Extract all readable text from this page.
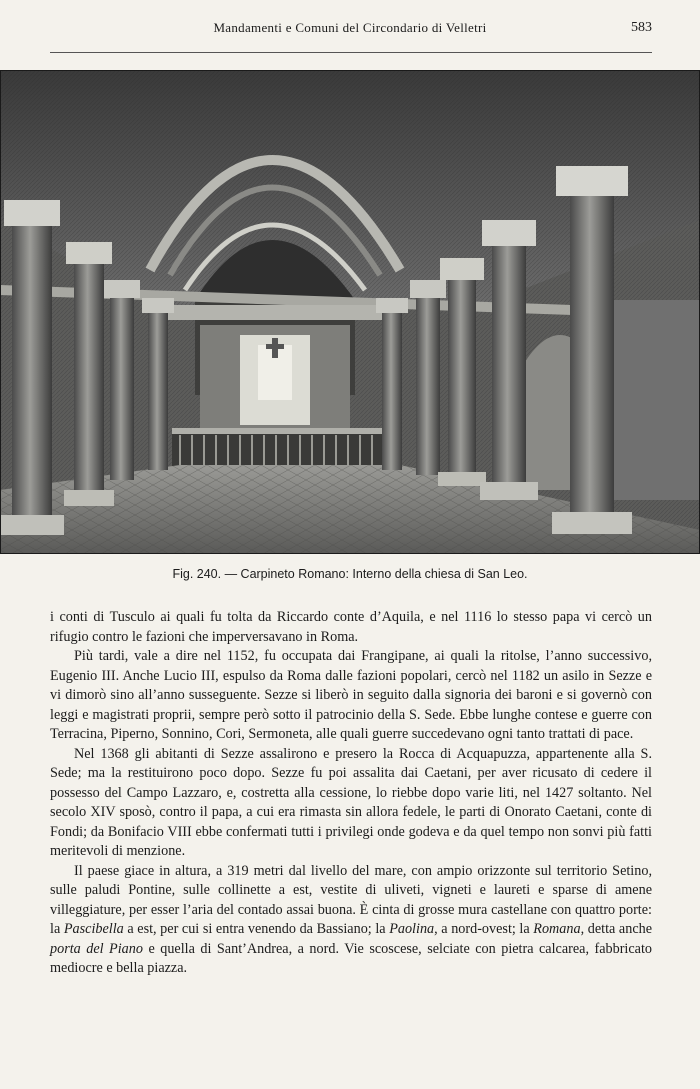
Mandamenti e Comuni del Circondario di Velletri	583
Fig. 240. — Carpineto Romano: Interno della chiesa di San Leo.

i conti di Tusculo ai quali fu tolta da Riccardo conte d’Aquila, e nel 1116 lo stesso papa vi cercò un rifugio contro le fazioni che imperversavano in Roma.

Più tardi, vale a dire nel 1152, fu occupata dai Frangipane, ai quali la ritolse, l’anno successivo, Eugenio III. Anche Lucio III, espulso da Roma dalle fazioni popolari, cercò nel 1182 un asilo in Sezze e vi dimorò sino all’anno susseguente. Sezze si liberò in seguito dalla signoria dei baroni e si governò con leggi e magistrati proprii, sempre però sotto il patrocinio della S. Sede. Ebbe lunghe contese e guerre con Terracina, Piperno, Sonnino, Cori, Sermoneta, alle quali guerre succedevano ogni tanto trattati di pace.

Nel 1368 gli abitanti di Sezze assalirono e presero la Rocca di Acquapuzza, appartenente alla S. Sede; ma la restituirono poco dopo. Sezze fu poi assalita dai Caetani, per aver ricusato di cedere il possesso del Campo Lazzaro, e, costretta alla cessione, lo riebbe dopo varie liti, nel 1427 soltanto. Nel secolo XIV sposò, contro il papa, a cui era rimasta sin allora fedele, le parti di Onorato Caetani, conte di Fondi; da Bonifacio VIII ebbe confermati tutti i privilegi onde godeva e da quel tempo non sonvi più fatti meritevoli di menzione.

Il paese giace in altura, a 319 metri dal livello del mare, con ampio orizzonte sul territorio Setino, sulle paludi Pontine, sulle collinette a est, vestite di uliveti, vigneti e laureti e sparse di amene villeggiature, per esser l’aria del contado assai buona. È cinta di grosse mura castellane con quattro porte: la Pascibella a est, per cui si entra venendo da Bassiano; la Paolina, a nord-ovest; la Romana, detta anche porta del Piano e quella di Sant’Andrea, a nord. Vie scoscese, selciate con pietra calcarea, fabbricato mediocre e bella piazza.
